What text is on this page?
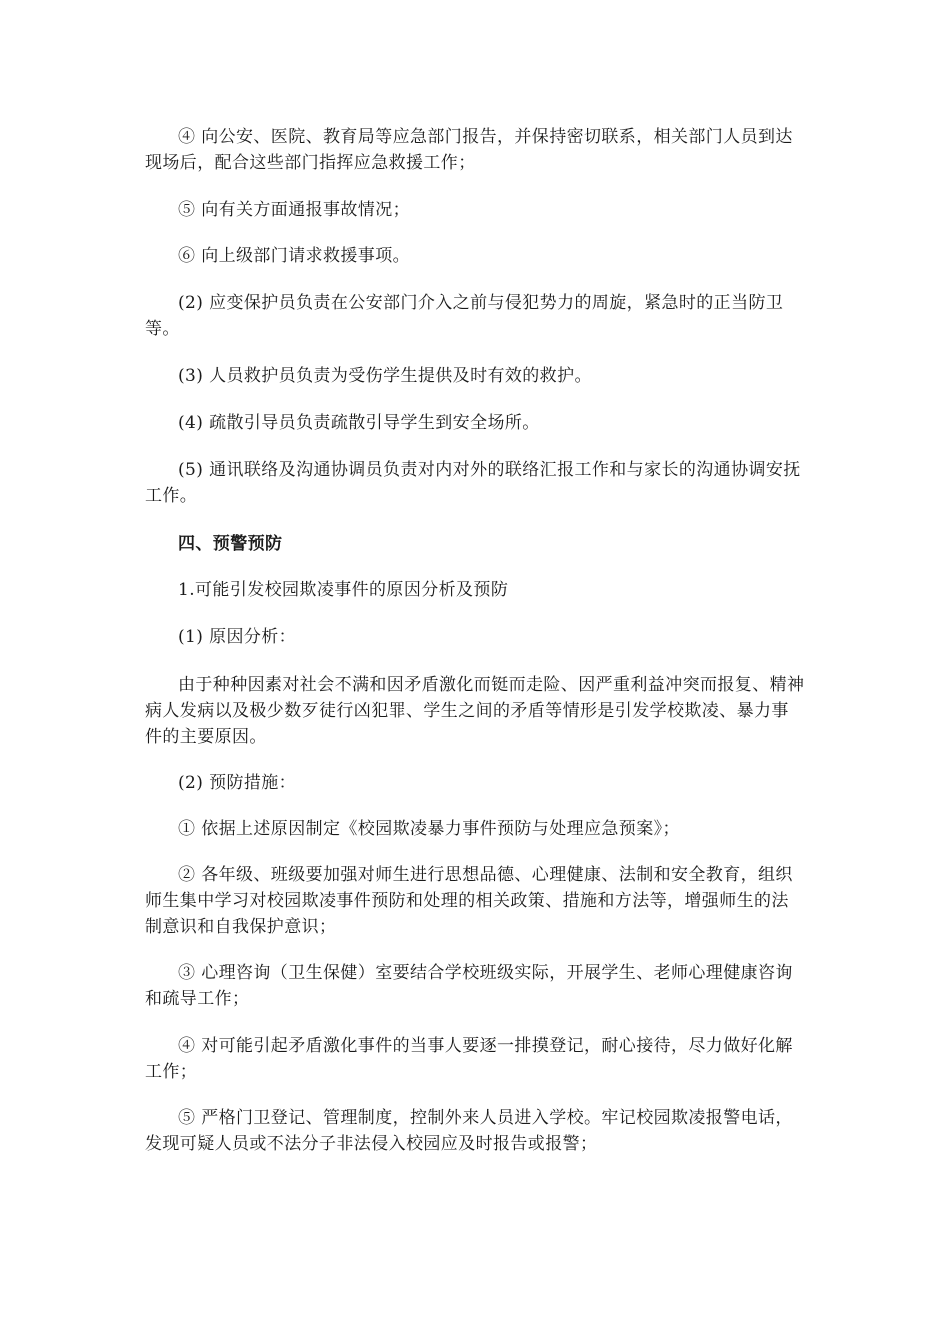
④ 向公安、医院、教育局等应急部门报告，并保持密切联系，相关部门人员到达现场后，配合这些部门指挥应急救援工作；

⑤ 向有关方面通报事故情况；

⑥ 向上级部门请求救援事项。

(2) 应变保护员负责在公安部门介入之前与侵犯势力的周旋，紧急时的正当防卫等。

(3) 人员救护员负责为受伤学生提供及时有效的救护。

(4) 疏散引导员负责疏散引导学生到安全场所。

(5) 通讯联络及沟通协调员负责对内对外的联络汇报工作和与家长的沟通协调安抚工作。

四、预警预防

1.可能引发校园欺凌事件的原因分析及预防

(1) 原因分析：

由于种种因素对社会不满和因矛盾激化而铤而走险、因严重利益冲突而报复、精神病人发病以及极少数歹徒行凶犯罪、学生之间的矛盾等情形是引发学校欺凌、暴力事件的主要原因。

(2) 预防措施：

① 依据上述原因制定《校园欺凌暴力事件预防与处理应急预案》；

② 各年级、班级要加强对师生进行思想品德、心理健康、法制和安全教育，组织师生集中学习对校园欺凌事件预防和处理的相关政策、措施和方法等，增强师生的法制意识和自我保护意识；

③ 心理咨询（卫生保健）室要结合学校班级实际，开展学生、老师心理健康咨询和疏导工作；

④ 对可能引起矛盾激化事件的当事人要逐一排摸登记，耐心接待，尽力做好化解工作；

⑤ 严格门卫登记、管理制度，控制外来人员进入学校。牢记校园欺凌报警电话，发现可疑人员或不法分子非法侵入校园应及时报告或报警；
